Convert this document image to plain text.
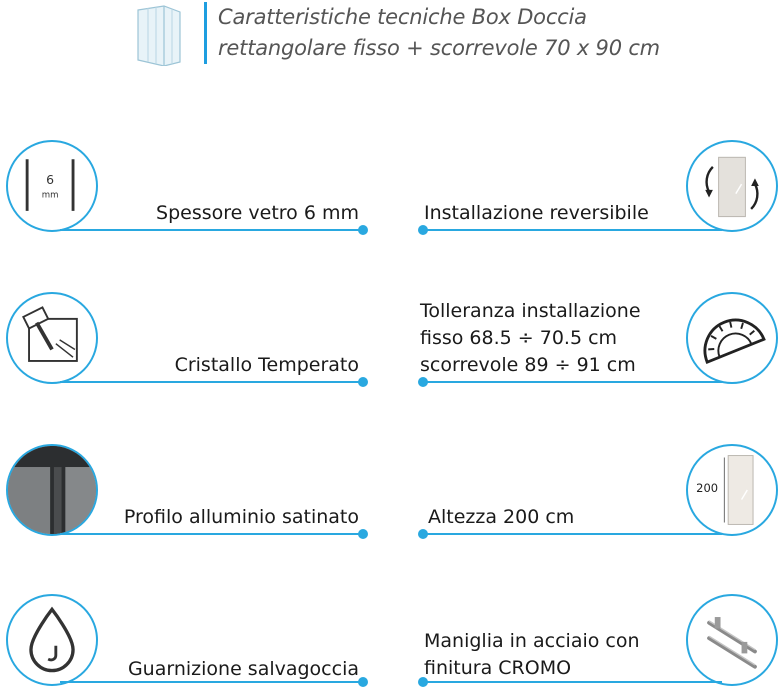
Caratteristiche tecniche Box Doccia
rettangolare fisso + scorrevole 70 x 90 cm
6
mm
Spessore vetro 6 mm
Cristallo Temperato
Profilo alluminio satinato
Guarnizione salvagoccia
Installazione reversibile
Tolleranza installazione
fisso 68.5 ÷ 70.5 cm
scorrevole 89 ÷ 91 cm
200
Altezza 200 cm
Maniglia in acciaio con
finitura CROMO
